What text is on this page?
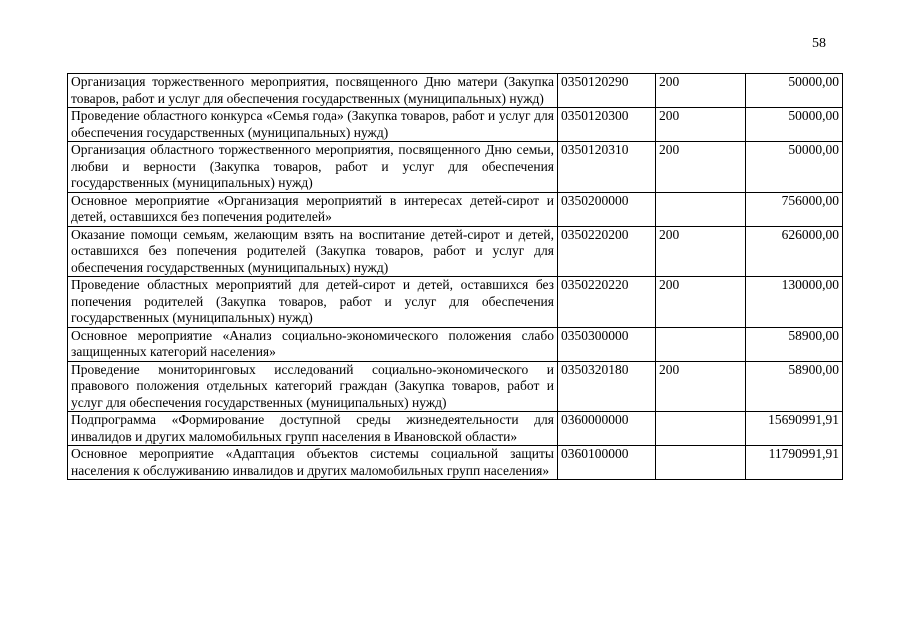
58
Организация торжественного мероприятия, посвященного Дню матери (Закупка товаров, работ и услуг для обеспечения государственных (муниципальных) нужд)	0350120290	200	50000,00
Проведение областного конкурса «Семья года» (Закупка товаров, работ и услуг для обеспечения государственных (муниципальных) нужд)	0350120300	200	50000,00
Организация областного торжественного мероприятия, посвященного Дню семьи, любви и верности (Закупка товаров, работ и услуг для обеспечения государственных (муниципальных) нужд)	0350120310	200	50000,00
Основное мероприятие «Организация мероприятий в интересах детей-сирот и детей, оставшихся без попечения родителей»	0350200000		756000,00
Оказание помощи семьям, желающим взять на воспитание детей-сирот и детей, оставшихся без попечения родителей (Закупка товаров, работ и услуг для обеспечения государственных (муниципальных) нужд)	0350220200	200	626000,00
Проведение областных мероприятий для детей-сирот и детей, оставшихся без попечения родителей (Закупка товаров, работ и услуг для обеспечения государственных (муниципальных) нужд)	0350220220	200	130000,00
Основное мероприятие «Анализ социально-экономического положения слабо защищенных категорий населения»	0350300000		58900,00
Проведение мониторинговых исследований социально-экономического и правового положения отдельных категорий граждан (Закупка товаров, работ и услуг для обеспечения государственных (муниципальных) нужд)	0350320180	200	58900,00
Подпрограмма «Формирование доступной среды жизнедеятельности для инвалидов и других маломобильных групп населения в Ивановской области»	0360000000		15690991,91
Основное мероприятие «Адаптация объектов системы социальной защиты населения к обслуживанию инвалидов и других маломобильных групп населения»	0360100000		11790991,91
